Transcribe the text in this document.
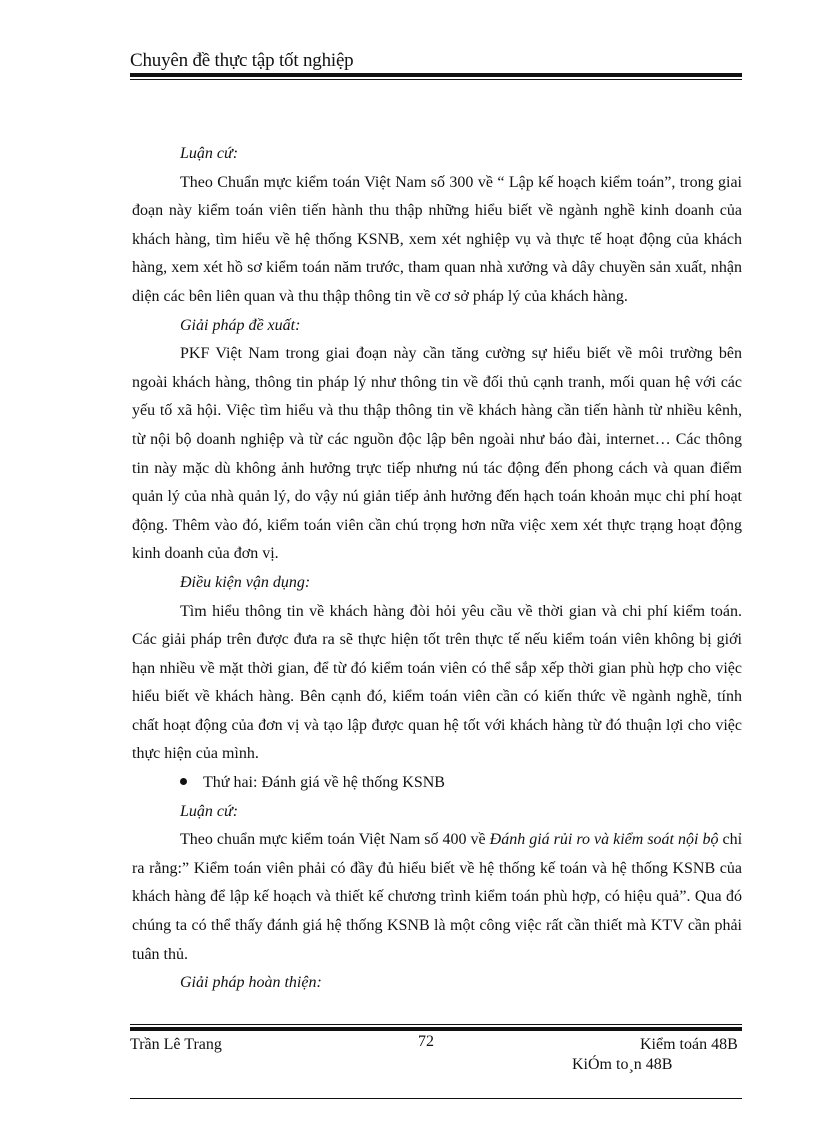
Chuyên đề thực tập tốt nghiệp

Luận cứ:

Theo Chuẩn mực kiểm toán Việt Nam số 300 về “ Lập kế hoạch kiểm toán”, trong giai đoạn này kiểm toán viên tiến hành thu thập những hiểu biết về ngành nghề kinh doanh của khách hàng, tìm hiểu về hệ thống KSNB, xem xét nghiệp vụ và thực tế hoạt động của khách hàng, xem xét hồ sơ kiểm toán năm trước, tham quan nhà xưởng và dây chuyền sản xuất, nhận diện các bên liên quan và thu thập thông tin về cơ sở pháp lý của khách hàng.

Giải pháp đề xuất:

PKF Việt Nam trong giai đoạn này cần tăng cường sự hiểu biết về môi trường bên ngoài khách hàng, thông tin pháp lý như thông tin về đối thủ cạnh tranh, mối quan hệ với các yếu tố xã hội. Việc tìm hiểu và thu thập thông tin về khách hàng cần tiến hành từ nhiều kênh, từ nội bộ doanh nghiệp và từ các nguồn độc lập bên ngoài như báo đài, internet… Các thông tin này mặc dù không ảnh hưởng trực tiếp nhưng nú tác động đến phong cách và quan điểm quản lý của nhà quản lý, do vậy nú giản tiếp ảnh hưởng đến hạch toán khoản mục chi phí hoạt động. Thêm vào đó, kiểm toán viên cần chú trọng hơn nữa việc xem xét thực trạng hoạt động kinh doanh của đơn vị.

Điều kiện vận dụng:

Tìm hiểu thông tin về khách hàng đòi hỏi yêu cầu về thời gian và chi phí kiểm toán. Các giải pháp trên được đưa ra sẽ thực hiện tốt trên thực tế nếu kiểm toán viên không bị giới hạn nhiều về mặt thời gian, để từ đó kiểm toán viên có thể sắp xếp thời gian phù hợp cho việc hiểu biết về khách hàng. Bên cạnh đó, kiểm toán viên cần có kiến thức về ngành nghề, tính chất hoạt động của đơn vị và tạo lập được quan hệ tốt với khách hàng từ đó thuận lợi cho việc thực hiện của mình.

Thứ hai: Đánh giá về hệ thống KSNB

Luận cứ:

Theo chuẩn mực kiểm toán Việt Nam số 400 về Đánh giá rủi ro và kiểm soát nội bộ chỉ ra rằng:” Kiểm toán viên phải có đầy đủ hiểu biết về hệ thống kế toán và hệ thống KSNB của khách hàng để lập kế hoạch và thiết kế chương trình kiểm toán phù hợp, có hiệu quả”. Qua đó chúng ta có thể thấy đánh giá hệ thống KSNB là một công việc rất cần thiết mà KTV cần phải tuân thủ.

Giải pháp hoàn thiện:

Trần Lê Trang	72	Kiểm toán 48B
KiÓm to¸n 48B
